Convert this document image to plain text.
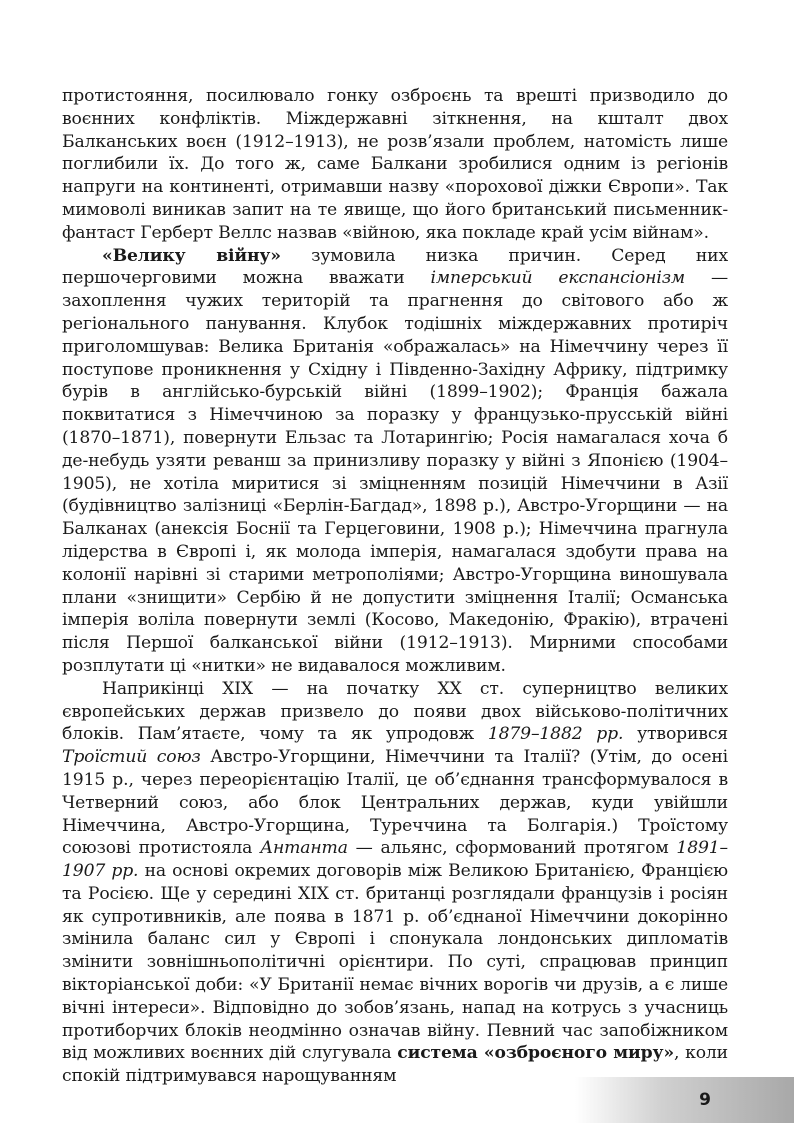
протистояння, посилювало гонку озброєнь та врешті призводило до воєнних конфліктів. Міждержавні зіткнення, на кшталт двох Балканських воєн (1912–1913), не розв’язали проблем, натомість лише поглибили їх. До того ж, саме Балкани зробилися одним із регіонів напруги на континенті, отримавши назву «порохової діжки Європи». Так мимоволі виникав запит на те явище, що його британський письменник-фантаст Герберт Веллс назвав «війною, яка покладе край усім війнам».

«Велику війну» зумовила низка причин. Серед них першочерговими можна вважати імперський експансіонізм — захоплення чужих територій та прагнення до світового або ж регіонального панування. Клубок тодішніх міждержавних протиріч приголомшував: Велика Британія «ображалась» на Німеччину через її поступове проникнення у Східну і Південно-Західну Африку, підтримку бурів в англійсько-бурській війні (1899–1902); Франція бажала поквитатися з Німеччиною за поразку у французько-прусській війні (1870–1871), повернути Ельзас та Лотарингію; Росія намагалася хоча б де-небудь узяти реванш за принизливу поразку у війні з Японією (1904–1905), не хотіла миритися зі зміцненням позицій Німеччини в Азії (будівництво залізниці «Берлін-Багдад», 1898 р.), Австро-Угорщини — на Балканах (анексія Боснії та Герцеговини, 1908 р.); Німеччина прагнула лідерства в Європі і, як молода імперія, намагалася здобути права на колонії нарівні зі старими метрополіями; Австро-Угорщина виношувала плани «знищити» Сербію й не допустити зміцнення Італії; Османська імперія воліла повернути землі (Косово, Македонію, Фракію), втрачені після Першої балканської війни (1912–1913). Мирними способами розплутати ці «нитки» не видавалося можливим.

Наприкінці XIX — на початку XX ст. суперництво великих європейських держав призвело до появи двох військово-політичних блоків. Пам’ятаєте, чому та як упродовж 1879–1882 рр. утворився Троїстий союз Австро-Угорщини, Німеччини та Італії? (Утім, до осені 1915 р., через переорієнтацію Італії, це об’єднання трансформувалося в Четверний союз, або блок Центральних держав, куди увійшли Німеччина, Австро-Угорщина, Туреччина та Болгарія.) Троїстому союзові протистояла Антанта — альянс, сформований протягом 1891–1907 рр. на основі окремих договорів між Великою Британією, Францією та Росією. Ще у середині XIX ст. британці розглядали французів і росіян як супротивників, але поява в 1871 р. об’єднаної Німеччини докорінно змінила баланс сил у Європі і спонукала лондонських дипломатів змінити зовнішньополітичні орієнтири. По суті, спрацював принцип вікторіанської доби: «У Британії немає вічних ворогів чи друзів, а є лише вічні інтереси». Відповідно до зобов’язань, напад на котрусь з учасниць протиборчих блоків неодмінно означав війну. Певний час запобіжником від можливих воєнних дій слугувала система «озброєного миру», коли спокій підтримувався нарощуванням

9
